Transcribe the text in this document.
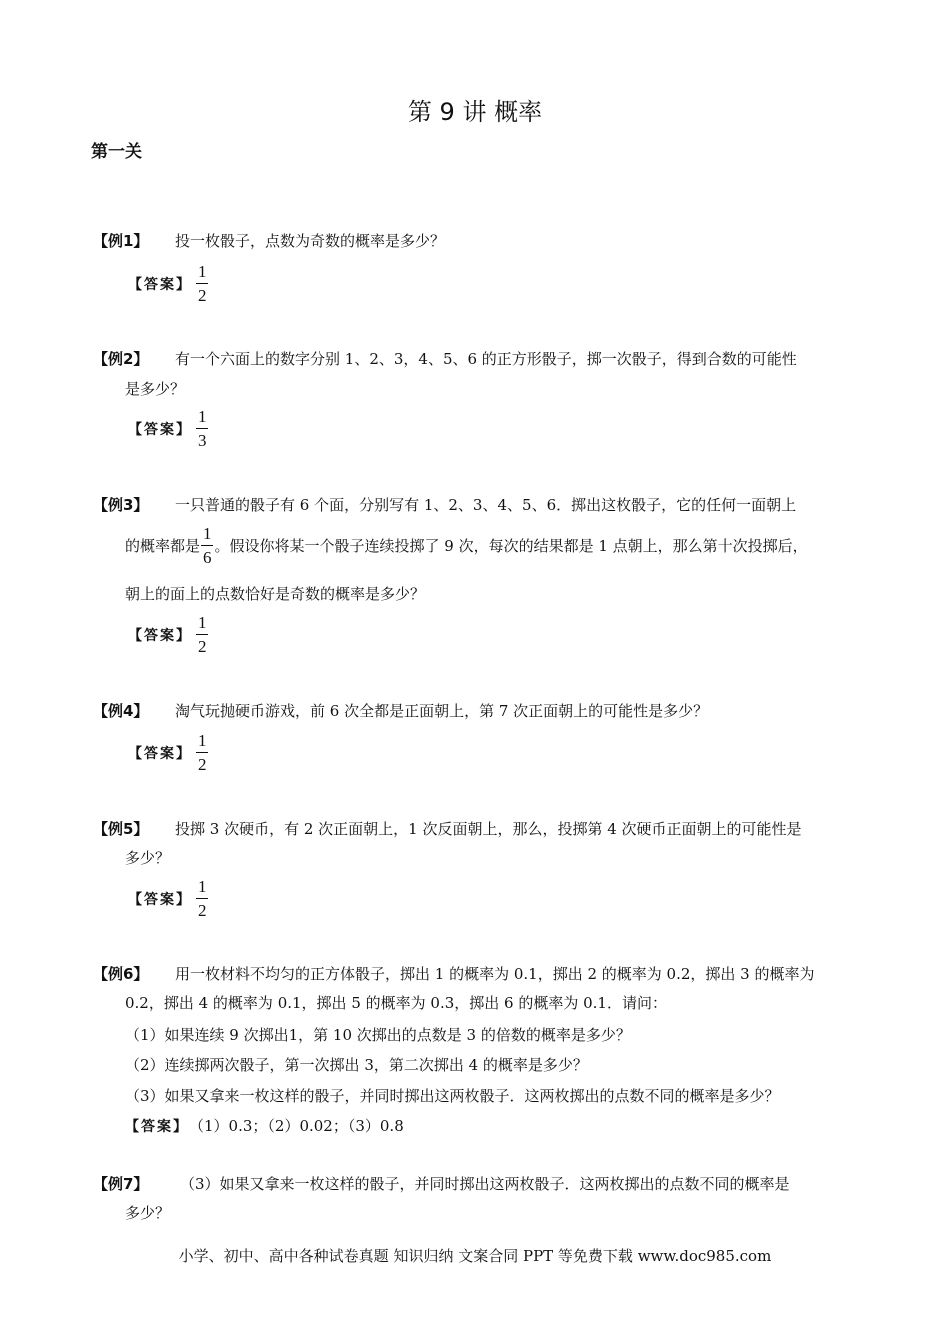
第 9 讲 概率
第一关
【例1】 投一枚骰子，点数为奇数的概率是多少？
【答案】 $\frac{1}{2}$
【例2】 有一个六面上的数字分别 1、2、3，4、5、6 的正方形骰子，掷一次骰子，得到合数的可能性
是多少？
【答案】 $\frac{1}{3}$
【例3】 一只普通的骰子有 6 个面，分别写有 1、2、3、4、5、6．掷出这枚骰子，它的任何一面朝上
的概率都是 $\frac{1}{6}$ 。假设你将某一个骰子连续投掷了 9 次，每次的结果都是 1 点朝上，那么第十次投掷后，
朝上的面上的点数恰好是奇数的概率是多少？
【答案】 $\frac{1}{2}$
【例4】 淘气玩抛硬币游戏，前 6 次全都是正面朝上，第 7 次正面朝上的可能性是多少？
【答案】 $\frac{1}{2}$
【例5】 投掷 3 次硬币，有 2 次正面朝上，1 次反面朝上，那么，投掷第 4 次硬币正面朝上的可能性是
多少？
【答案】 $\frac{1}{2}$
【例6】 用一枚材料不均匀的正方体骰子，掷出 1 的概率为 0.1，掷出 2 的概率为 0.2，掷出 3 的概率为
0.2，掷出 4 的概率为 0.1，掷出 5 的概率为 0.3，掷出 6 的概率为 0.1．请问：
（1）如果连续 9 次掷出1，第 10 次掷出的点数是 3 的倍数的概率是多少？
（2）连续掷两次骰子，第一次掷出 3，第二次掷出 4 的概率是多少？
（3）如果又拿来一枚这样的骰子，并同时掷出这两枚骰子．这两枚掷出的点数不同的概率是多少？
【答案】 （1）0.3；（2）0.02；（3）0.8
【例7】 （3）如果又拿来一枚这样的骰子，并同时掷出这两枚骰子．这两枚掷出的点数不同的概率是
多少？
小学、初中、高中各种试卷真题 知识归纳 文案合同 PPT 等免费下载 www.doc985.com
